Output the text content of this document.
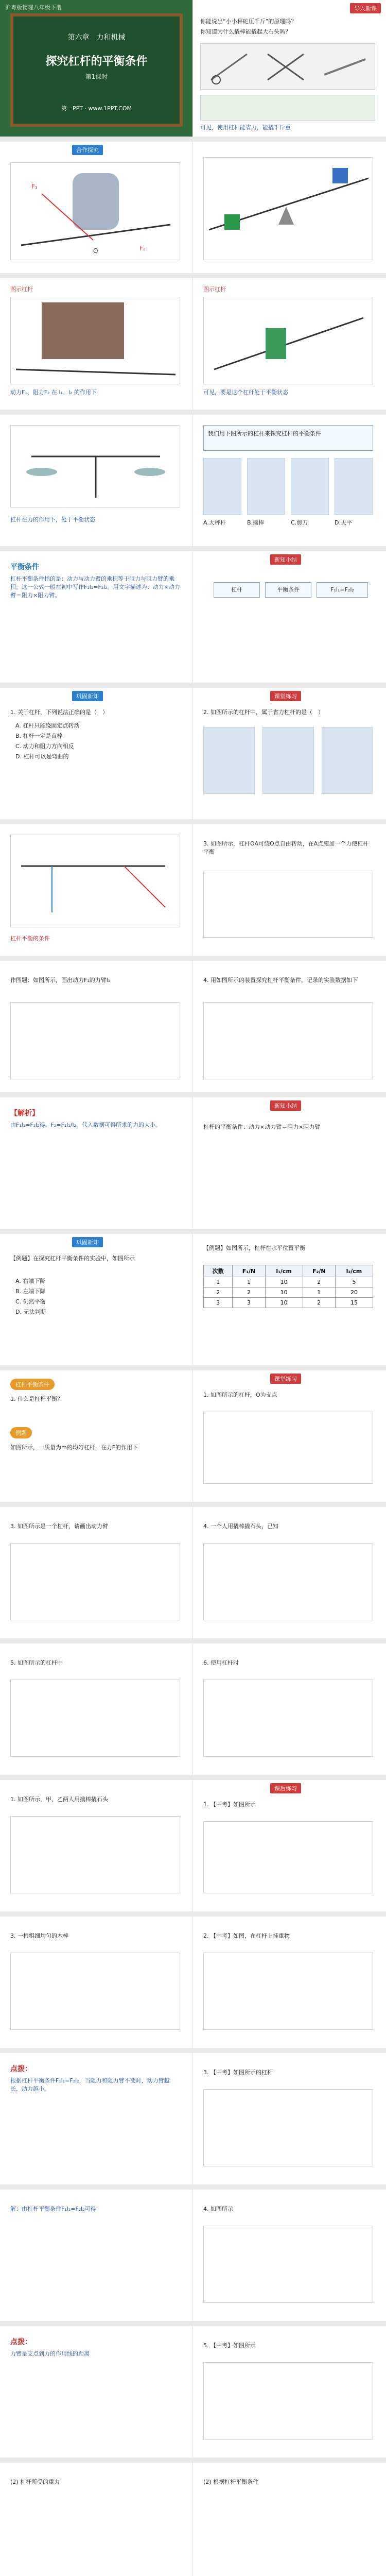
沪粤版物理八年级下册
第六章　力和机械
探究杠杆的平衡条件
第1课时
第一PPT · www.1PPT.COM
导入新课
你能说出“小小秤砣压千斤”的原理吗？
你知道为什么撬棒能撬起大石头吗？
可见，使用杠杆能省力，能撬千斤重
合作探究
F₁
F₂
O
图示杠杆
动力F₁、阻力F₂ 在 l₁、l₂ 的作用下
图示杠杆
可见，要是这个杠杆处于平衡状态
杠杆在力的作用下，处于平衡状态
我们用下图所示的杠杆来探究杠杆的平衡条件
A.大秤杆	B.撬棒	C.剪刀	D.天平
平衡条件
杠杆平衡条件指的是：动力与动力臂的乘积等于阻力与阻力臂的乘积。这一公式一般在初中写作F₁l₁=F₂l₂。用文字描述为：动力×动力臂＝阻力×阻力臂。
新知小结
杠杆	平衡条件	F₁l₁=F₂l₂
巩固新知
1. 关于杠杆，下列说法正确的是（　）
A. 杠杆只能绕固定点转动
B. 杠杆一定是直棒
C. 动力和阻力方向相反
D. 杠杆可以是弯曲的
课堂练习
2. 如图所示的杠杆中，属于省力杠杆的是（　）
杠杆平衡的条件
3. 如图所示，杠杆OA可绕O点自由转动，在A点施加一个力使杠杆平衡
作图题：如图所示，画出动力F₁的力臂l₁	4. 用如图所示的装置探究杠杆平衡条件，记录的实验数据如下
【解析】
由F₁l₁=F₂l₂得，F₂=F₁l₁/l₂，代入数据可得所求的力的大小。
新知小结
杠杆的平衡条件：动力×动力臂＝阻力×阻力臂
巩固新知
【例题】在探究杠杆平衡条件的实验中，如图所示
A. 右端下降
B. 左端下降
C. 仍然平衡
D. 无法判断
【例题】如图所示，杠杆在水平位置平衡
次数	F₁/N	l₁/cm	F₂/N	l₂/cm
1	1	10	2	5
2	2	10	1	20
3	3	10	2	15
杠杆平衡条件
1. 什么是杠杆平衡？
例题
如图所示，一质量为m的均匀杠杆，在力F的作用下
课堂练习
1. 如图所示的杠杆，O为支点
3. 如图所示是一个杠杆，请画出动力臂	4. 一个人用撬棒撬石头，已知
5. 如图所示的杠杆中	6. 使用杠杆时
1. 如图所示，甲、乙两人用撬棒撬石头
课后练习
1. 【中考】如图所示
3. 一根粗细均匀的木棒	2. 【中考】如图，在杠杆上挂重物
点拨：
根据杠杆平衡条件F₁l₁=F₂l₂，当阻力和阻力臂不变时，动力臂越长，动力越小。
3. 【中考】如图所示的杠杆
解：由杠杆平衡条件F₁l₁=F₂l₂可得	4. 如图所示
点拨：
力臂是支点到力的作用线的距离
5. 【中考】如图所示
(2) 杠杆所受的重力	(2) 根据杠杆平衡条件
